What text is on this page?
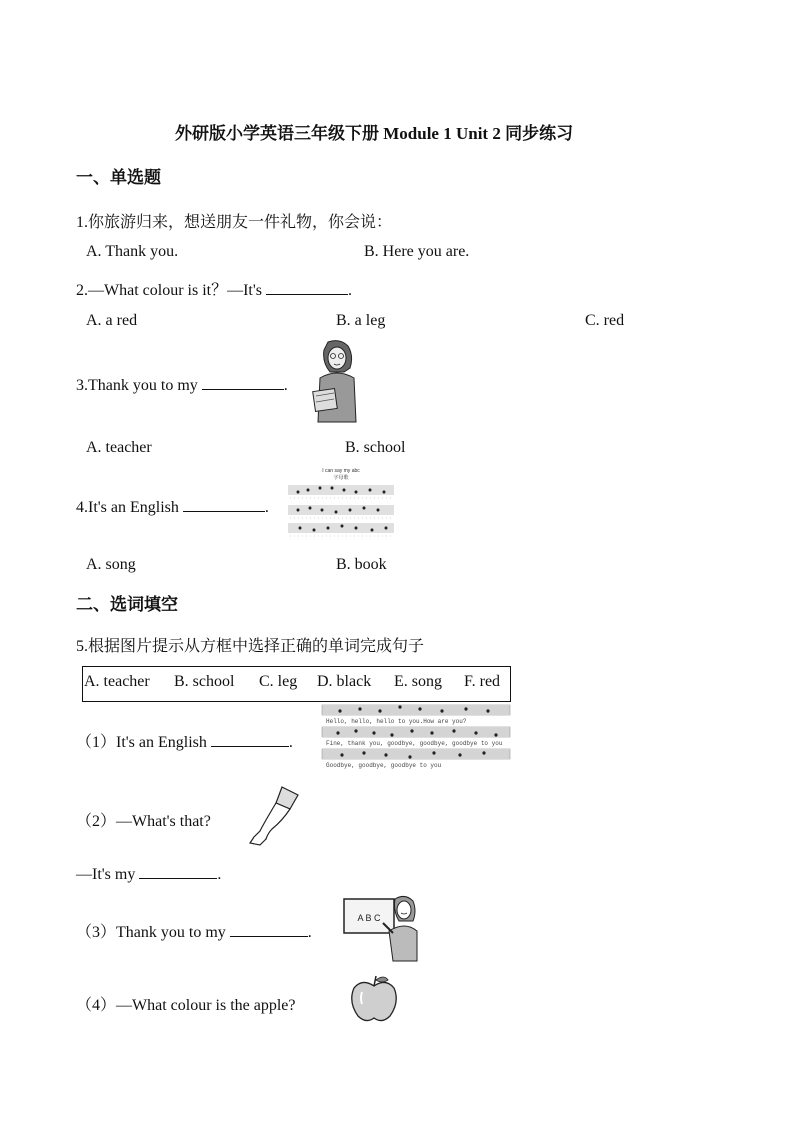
外研版小学英语三年级下册 Module 1 Unit 2 同步练习
一、单选题
1.你旅游归来，想送朋友一件礼物，你会说：
A. Thank you.	B. Here you are.
2.—What colour is it？—It's	.
A. a red	B. a leg	C. red
3.Thank you to my	.
A. teacher	B. school
4.It's an English	.
I can say my abc
字母歌
A. song	B. book
二、选词填空
5.根据图片提示从方框中选择正确的单词完成句子
A. teacher B. school C. leg D. black E. song F. red
（1）It's an English	.
Hello, hello, hello to you.How are you?
Fine, thank you, goodbye, goodbye, goodbye to you
Goodbye, goodbye, goodbye to you
（2）—What's that?
—It's my	.
（3）Thank you to my	.
A B C
（4）—What colour is the apple?
